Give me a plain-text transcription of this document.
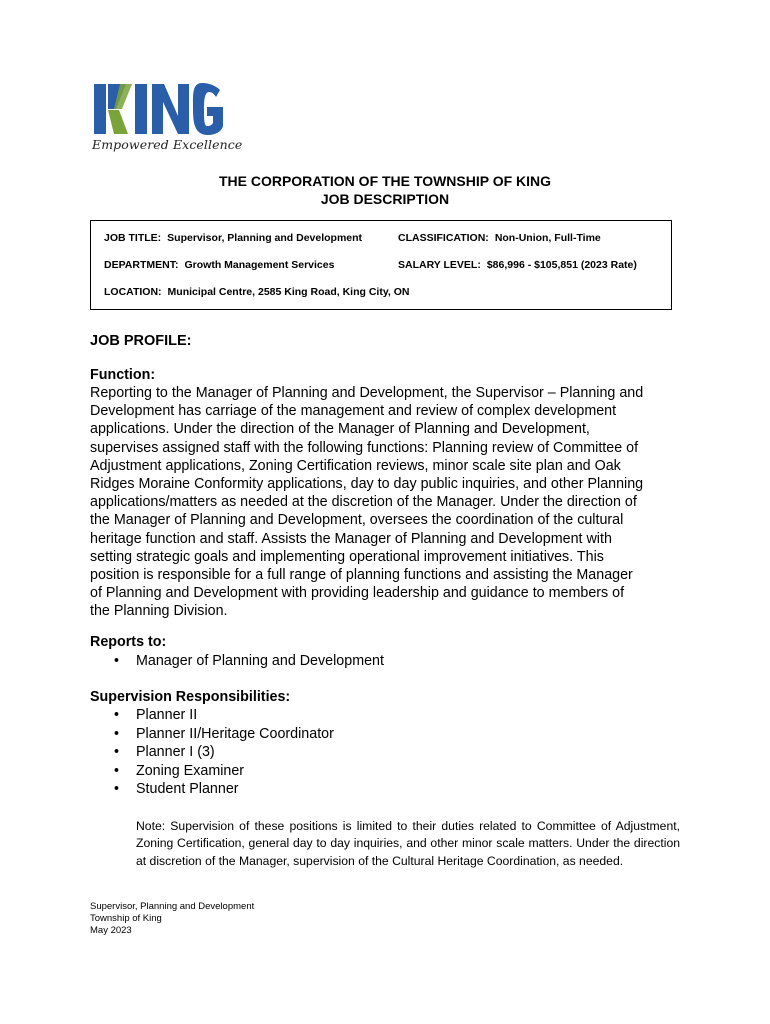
Empowered Excellence
THE CORPORATION OF THE TOWNSHIP OF KING
JOB DESCRIPTION
JOB TITLE: Supervisor, Planning and Development	CLASSIFICATION: Non-Union, Full-Time
DEPARTMENT: Growth Management Services	SALARY LEVEL: $86,996 - $105,851 (2023 Rate)
LOCATION: Municipal Centre, 2585 King Road, King City, ON
JOB PROFILE:
Function:
Reporting to the Manager of Planning and Development, the Supervisor – Planning and
Development has carriage of the management and review of complex development
applications. Under the direction of the Manager of Planning and Development,
supervises assigned staff with the following functions: Planning review of Committee of
Adjustment applications, Zoning Certification reviews, minor scale site plan and Oak
Ridges Moraine Conformity applications, day to day public inquiries, and other Planning
applications/matters as needed at the discretion of the Manager. Under the direction of
the Manager of Planning and Development, oversees the coordination of the cultural
heritage function and staff. Assists the Manager of Planning and Development with
setting strategic goals and implementing operational improvement initiatives. This
position is responsible for a full range of planning functions and assisting the Manager
of Planning and Development with providing leadership and guidance to members of
the Planning Division.
Reports to:
• Manager of Planning and Development
Supervision Responsibilities:
• Planner II
• Planner II/Heritage Coordinator
• Planner I (3)
• Zoning Examiner
• Student Planner
Note: Supervision of these positions is limited to their duties related to Committee of Adjustment, Zoning Certification, general day to day inquiries, and other minor scale matters. Under the direction at discretion of the Manager, supervision of the Cultural Heritage Coordination, as needed.
Supervisor, Planning and Development
Township of King
May 2023
